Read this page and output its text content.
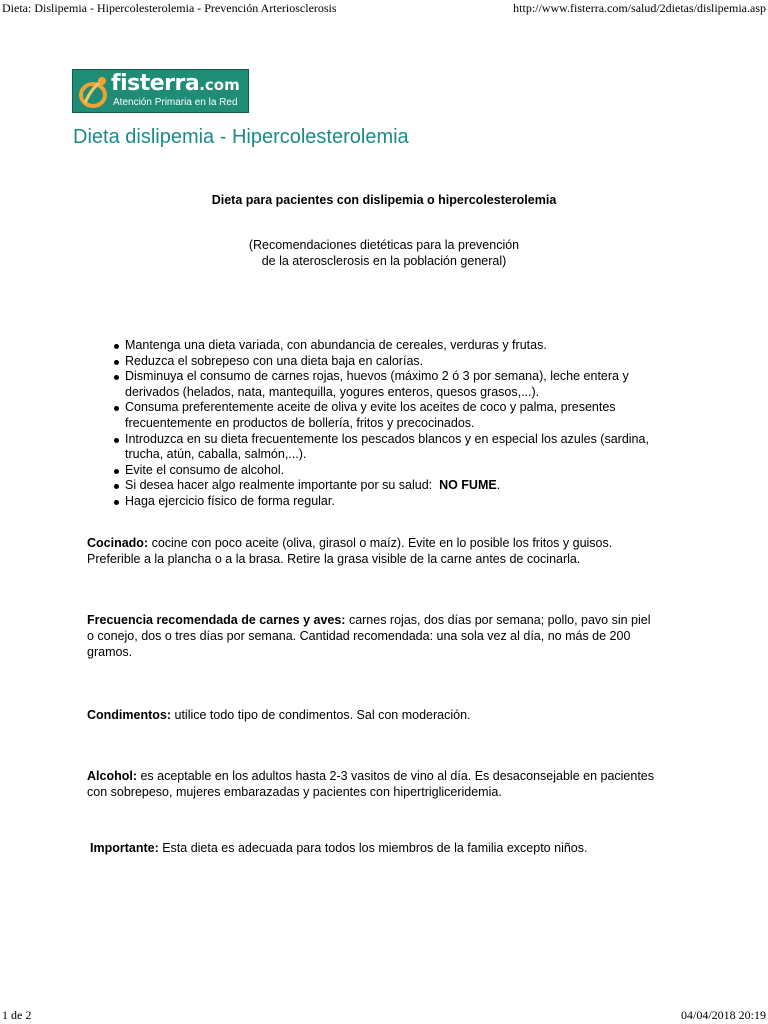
Dieta: Dislipemia - Hipercolesterolemia - Prevención Arteriosclerosis	http://www.fisterra.com/salud/2dietas/dislipemia.asp
fisterra.com
Atención Primaria en la Red
Dieta dislipemia - Hipercolesterolemia
Dieta para pacientes con dislipemia o hipercolesterolemia
(Recomendaciones dietéticas para la prevención
de la aterosclerosis en la población general)
Mantenga una dieta variada, con abundancia de cereales, verduras y frutas.
Reduzca el sobrepeso con una dieta baja en calorías.
Disminuya el consumo de carnes rojas, huevos (máximo 2 ó 3 por semana), leche entera y
derivados (helados, nata, mantequilla, yogures enteros, quesos grasos,...).
Consuma preferentemente aceite de oliva y evite los aceites de coco y palma, presentes
frecuentemente en productos de bollería, fritos y precocinados.
Introduzca en su dieta frecuentemente los pescados blancos y en especial los azules (sardina,
trucha, atún, caballa, salmón,...).
Evite el consumo de alcohol.
Si desea hacer algo realmente importante por su salud: NO FUME.
Haga ejercicio físico de forma regular.
Cocinado: cocine con poco aceite (oliva, girasol o maíz). Evite en lo posible los fritos y guisos.
Preferible a la plancha o a la brasa. Retire la grasa visible de la carne antes de cocinarla.
Frecuencia recomendada de carnes y aves: carnes rojas, dos días por semana; pollo, pavo sin piel
o conejo, dos o tres días por semana. Cantidad recomendada: una sola vez al día, no más de 200
gramos.
Condimentos: utilice todo tipo de condimentos. Sal con moderación.
Alcohol: es aceptable en los adultos hasta 2-3 vasitos de vino al día. Es desaconsejable en pacientes
con sobrepeso, mujeres embarazadas y pacientes con hipertrigliceridemia.
Importante: Esta dieta es adecuada para todos los miembros de la familia excepto niños.
1 de 2	04/04/2018 20:19
